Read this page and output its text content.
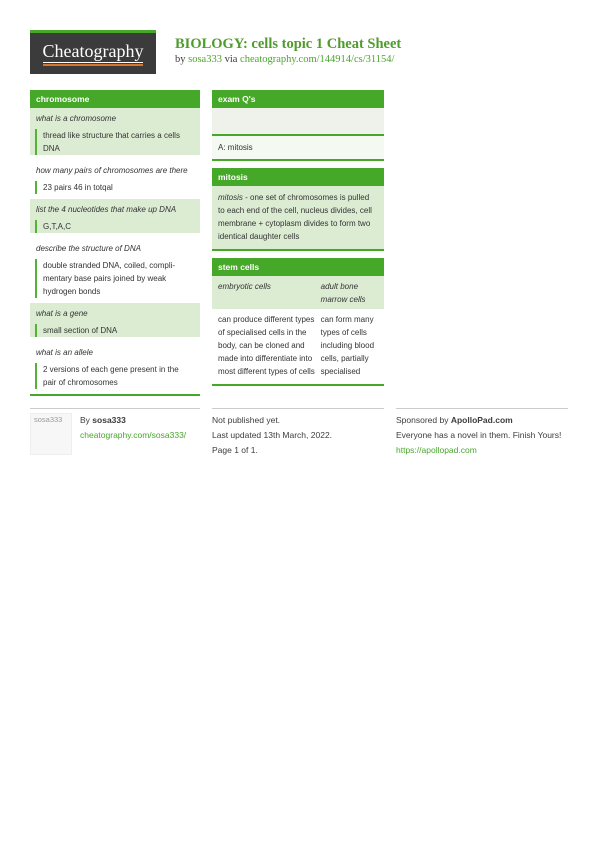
Cheatography BIOLOGY: cells topic 1 Cheat Sheet
by sosa333 via cheatography.com/144914/cs/31154/
chromosome
what is a chromosome
thread like structure that carries a cells DNA
how many pairs of chromosomes are there
23 pairs 46 in totqal
list the 4 nucleotides that make up DNA
G,T,A,C
describe the structure of DNA
double stranded DNA, coiled, complimentary base pairs joined by weak hydrogen bonds
what is a gene
small section of DNA
what is an allele
2 versions of each gene present in the pair of chromosomes
exam Q's
A: mitosis
mitosis
mitosis - one set of chromosomes is pulled to each end of the cell, nucleus divides, cell membrane + cytoplasm divides to form two identical daughter cells
stem cells
embryotic cells	adult bone marrow cells
can produce different types of specialised cells in the body, can be cloned and made into differentiate into most different types of cells
can form many types of cells including blood cells, partially specialised
sosa333	By sosa333
cheatography.com/sosa333/
Not published yet.
Last updated 13th March, 2022.
Page 1 of 1.
Sponsored by ApolloPad.com
Everyone has a novel in them. Finish Yours!
https://apollopad.com
